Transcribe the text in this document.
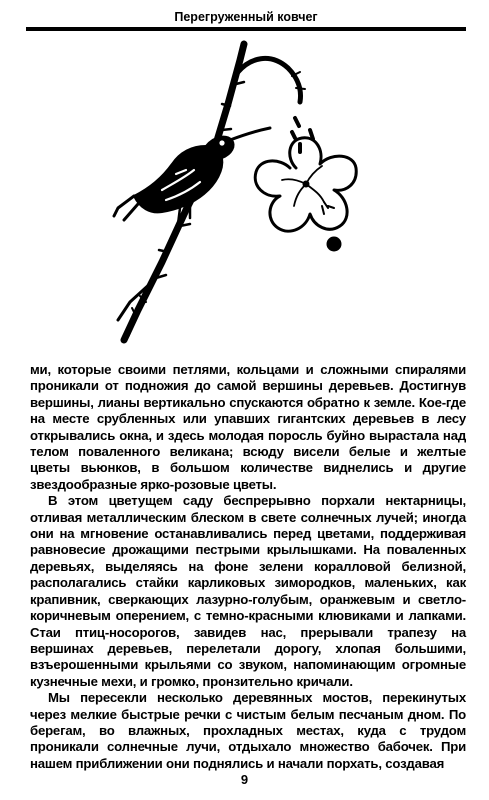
Перегруженный ковчег

ми, которые своими петлями, кольцами и сложными спиралями проникали от подножия до самой вершины деревьев. Достигнув вершины, лианы вертикально спускаются обратно к земле. Кое-где на месте срубленных или упавших гигантских деревьев в лесу открывались окна, и здесь молодая поросль буйно вырастала над телом поваленного великана; всюду висели белые и желтые цветы вьюнков, в большом количестве виднелись и другие звездообразные ярко-розовые цветы.

В этом цветущем саду беспрерывно порхали нектарницы, отливая металлическим блеском в свете солнечных лучей; иногда они на мгновение останавливались перед цветами, поддерживая равновесие дрожащими пестрыми крылышками. На поваленных деревьях, выделяясь на фоне зелени коралловой белизной, располагались стайки карликовых зимородков, маленьких, как крапивник, сверкающих лазурно-голубым, оранжевым и светло-коричневым оперением, с темно-красными клювиками и лапками. Стаи птиц-носорогов, завидев нас, прерывали трапезу на вершинах деревьев, перелетали дорогу, хлопая большими, взъерошенными крыльями со звуком, напоминающим огромные кузнечные мехи, и громко, пронзительно кричали.

Мы пересекли несколько деревянных мостов, перекинутых через мелкие быстрые речки с чистым белым песчаным дном. По берегам, во влажных, прохладных местах, куда с трудом проникали солнечные лучи, отдыхало множество бабочек. При нашем приближении они поднялись и начали порхать, создавая

9
